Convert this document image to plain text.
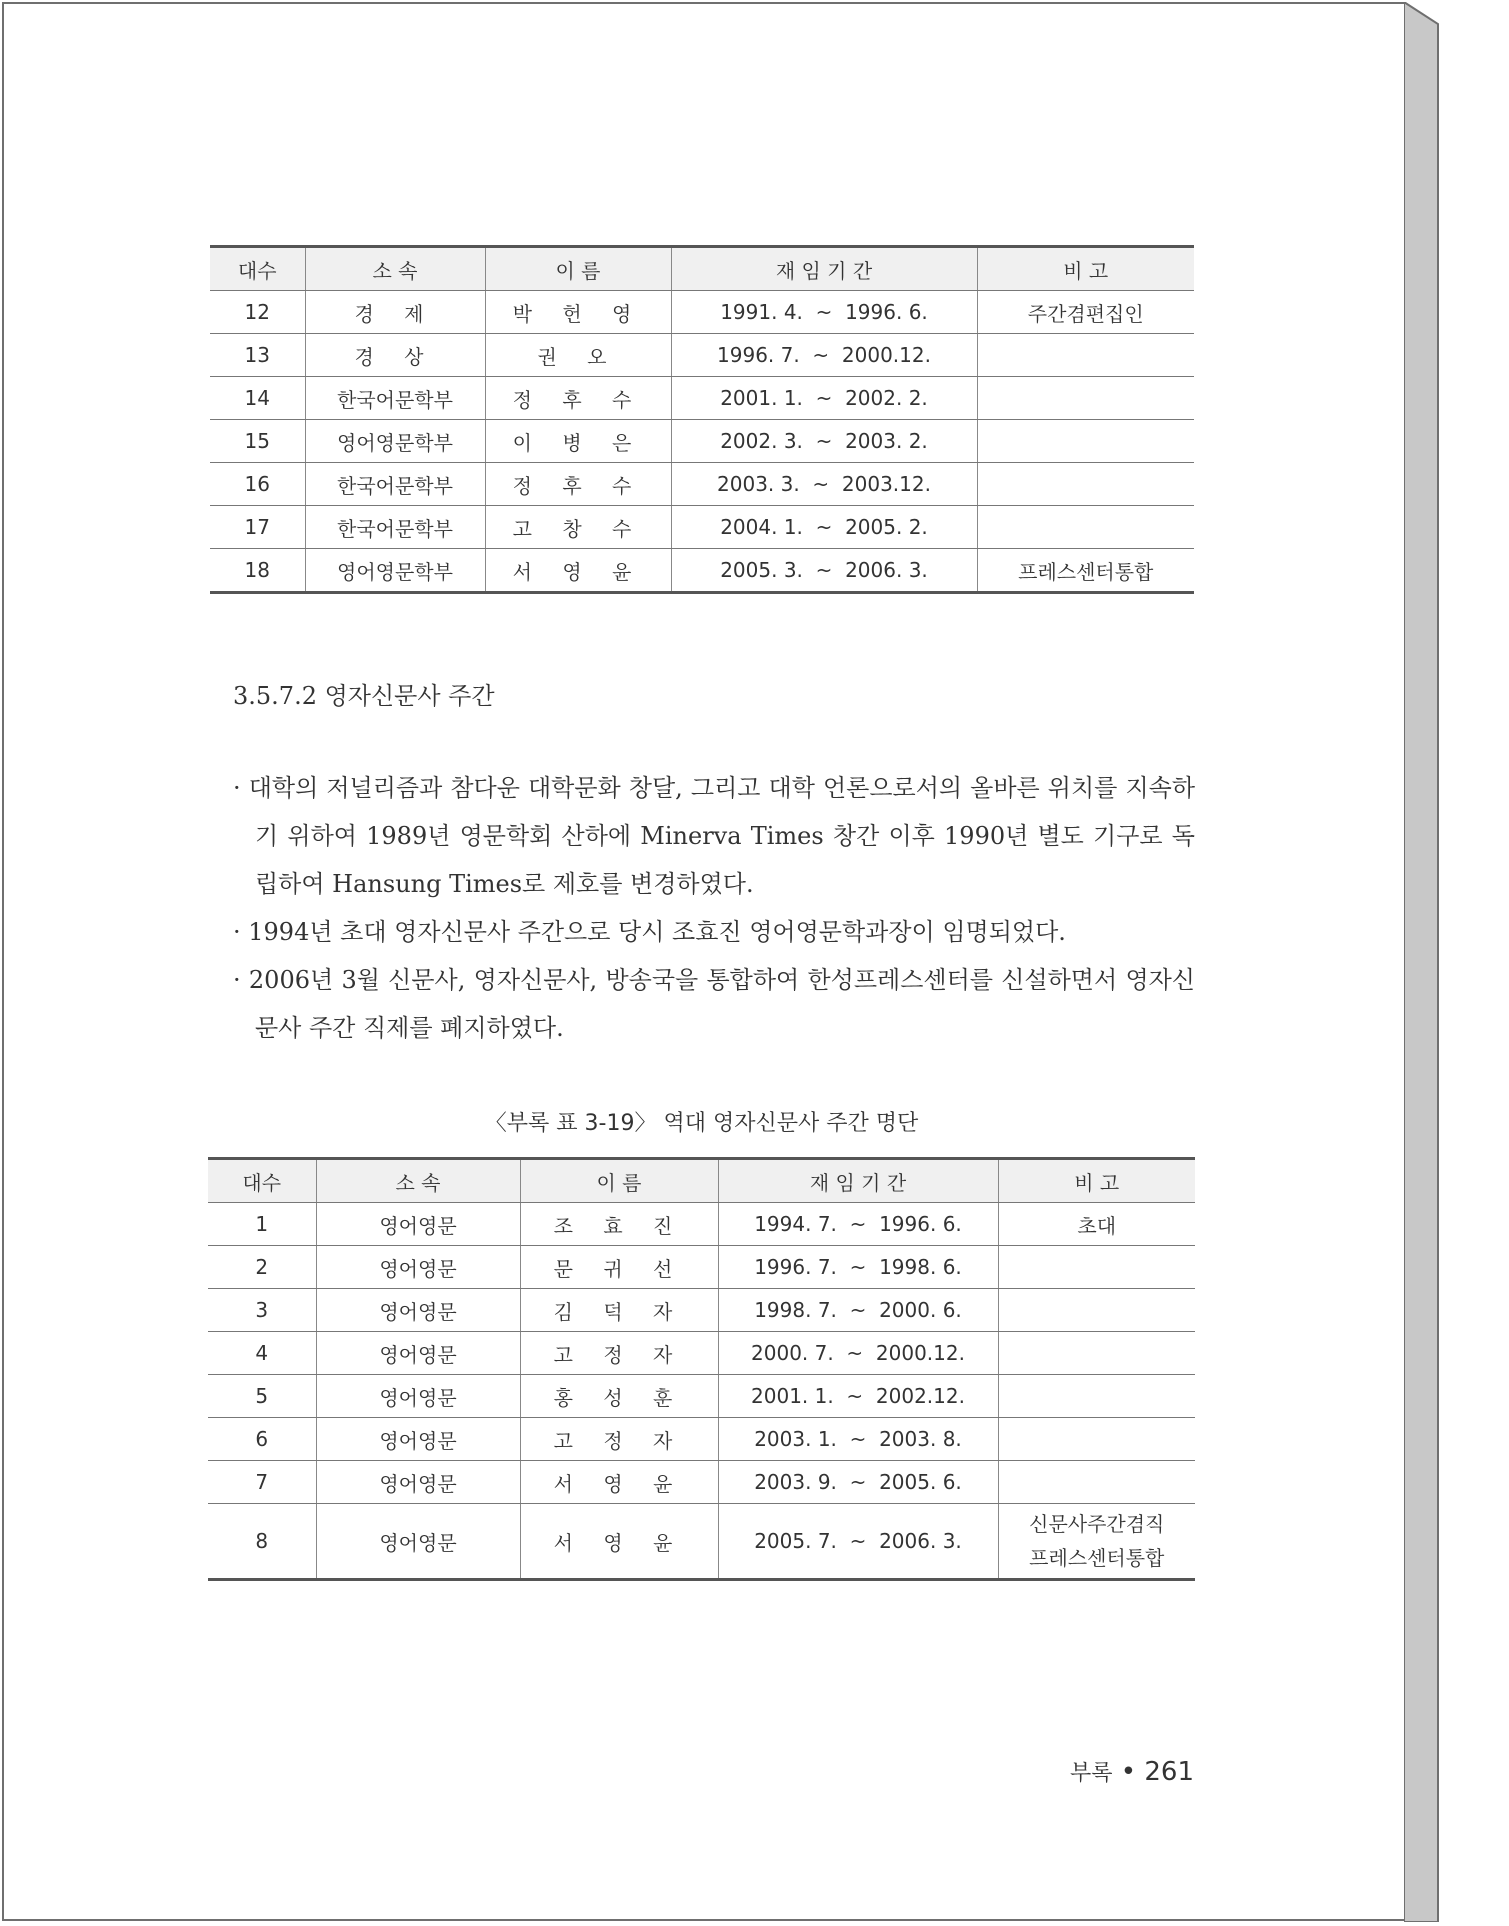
대수	소 속	이 름	재 임 기 간	비 고
12	경 제	박 헌 영	1991. 4.  ~  1996. 6.	주간겸편집인
13	경 상	권 오	1996. 7.  ~  2000.12.	
14	한국어문학부	정 후 수	2001. 1.  ~  2002. 2.	
15	영어영문학부	이 병 은	2002. 3.  ~  2003. 2.	
16	한국어문학부	정 후 수	2003. 3.  ~  2003.12.	
17	한국어문학부	고 창 수	2004. 1.  ~  2005. 2.	
18	영어영문학부	서 영 윤	2005. 3.  ~  2006. 3.	프레스센터통합
3.5.7.2 영자신문사 주간

· 대학의 저널리즘과 참다운 대학문화 창달, 그리고 대학 언론으로서의 올바른 위치를 지속하기 위하여 1989년 영문학회 산하에 Minerva Times 창간 이후 1990년 별도 기구로 독립하여 Hansung Times로 제호를 변경하였다.

· 1994년 초대 영자신문사 주간으로 당시 조효진 영어영문학과장이 임명되었다.

· 2006년 3월 신문사, 영자신문사, 방송국을 통합하여 한성프레스센터를 신설하면서 영자신문사 주간 직제를 폐지하였다.

〈부록 표 3-19〉 역대 영자신문사 주간 명단
대수	소 속	이 름	재 임 기 간	비 고
1	영어영문	조 효 진	1994. 7.  ~  1996. 6.	초대
2	영어영문	문 귀 선	1996. 7.  ~  1998. 6.	
3	영어영문	김 덕 자	1998. 7.  ~  2000. 6.	
4	영어영문	고 정 자	2000. 7.  ~  2000.12.	
5	영어영문	홍 성 훈	2001. 1.  ~  2002.12.	
6	영어영문	고 정 자	2003. 1.  ~  2003. 8.	
7	영어영문	서 영 윤	2003. 9.  ~  2005. 6.	
8	영어영문	서 영 윤	2005. 7.  ~  2006. 3.	신문사주간겸직
프레스센터통합
부록 • 261
